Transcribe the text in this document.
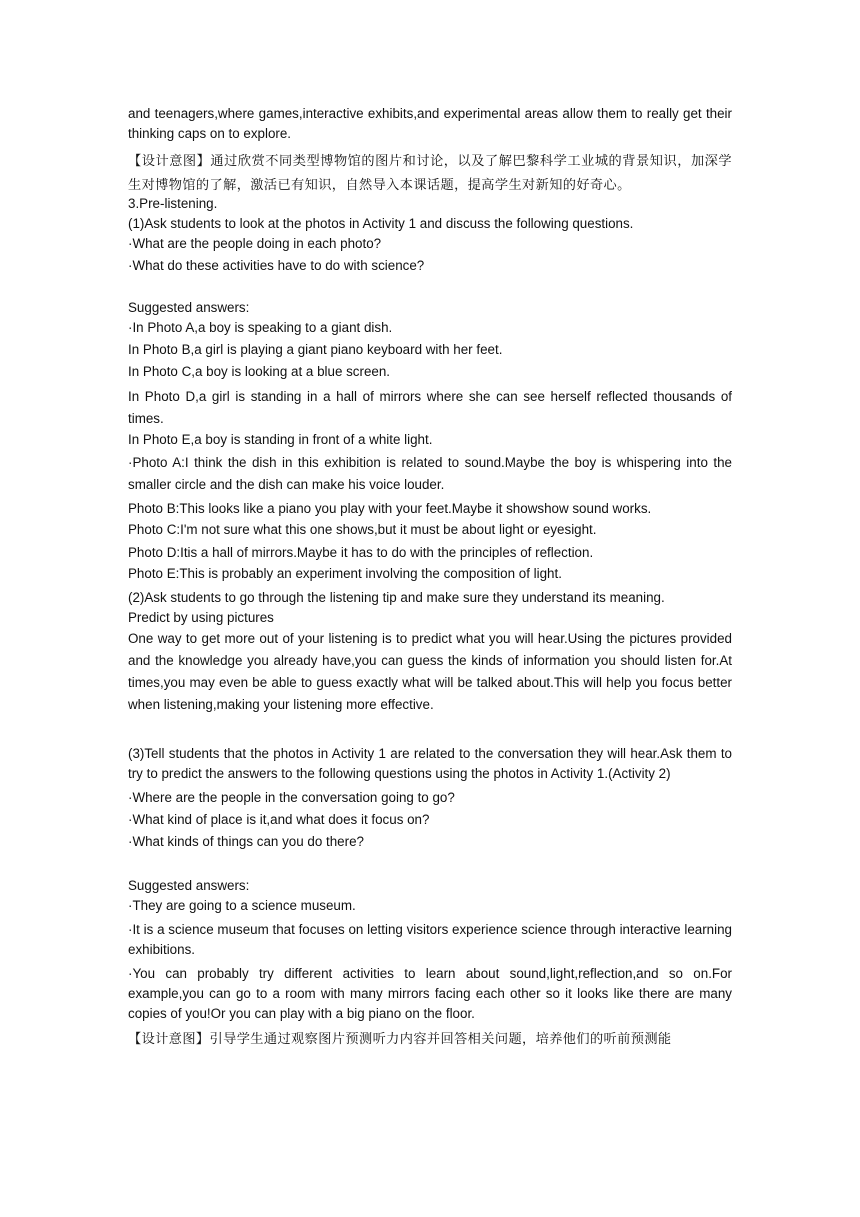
and teenagers,where games,interactive exhibits,and experimental areas allow them to really get their thinking caps on to explore.

【设计意图】通过欣赏不同类型博物馆的图片和讨论，以及了解巴黎科学工业城的背景知识，加深学生对博物馆的了解，激活已有知识，自然导入本课话题，提高学生对新知的好奇心。

3.Pre-listening.

(1)Ask students to look at the photos in Activity 1 and discuss the following questions.

·What are the people doing in each photo?

·What do these activities have to do with science?

Suggested answers:

·In Photo A,a boy is speaking to a giant dish.

In Photo B,a girl is playing a giant piano keyboard with her feet.

In Photo C,a boy is looking at a blue screen.

In Photo D,a girl is standing in a hall of mirrors where she can see herself reflected thousands of times.

In Photo E,a boy is standing in front of a white light.

·Photo A:I think the dish in this exhibition is related to sound.Maybe the boy is whispering into the smaller circle and the dish can make his voice louder.

Photo B:This looks like a piano you play with your feet.Maybe it showshow sound works.

Photo C:I'm not sure what this one shows,but it must be about light or eyesight.

Photo D:Itis a hall of mirrors.Maybe it has to do with the principles of reflection.

Photo E:This is probably an experiment involving the composition of light.

(2)Ask students to go through the listening tip and make sure they understand its meaning.

Predict by using pictures

One way to get more out of your listening is to predict what you will hear.Using the pictures provided and the knowledge you already have,you can guess the kinds of information you should listen for.At times,you may even be able to guess exactly what will be talked about.This will help you focus better when listening,making your listening more effective.

(3)Tell students that the photos in Activity 1 are related to the conversation they will hear.Ask them to try to predict the answers to the following questions using the photos in Activity 1.(Activity 2)

·Where are the people in the conversation going to go?

·What kind of place is it,and what does it focus on?

·What kinds of things can you do there?

Suggested answers:

·They are going to a science museum.

·It is a science museum that focuses on letting visitors experience science through interactive learning exhibitions.

·You can probably try different activities to learn about sound,light,reflection,and so on.For example,you can go to a room with many mirrors facing each other so it looks like there are many copies of you!Or you can play with a big piano on the floor.

【设计意图】引导学生通过观察图片预测听力内容并回答相关问题，培养他们的听前预测能
